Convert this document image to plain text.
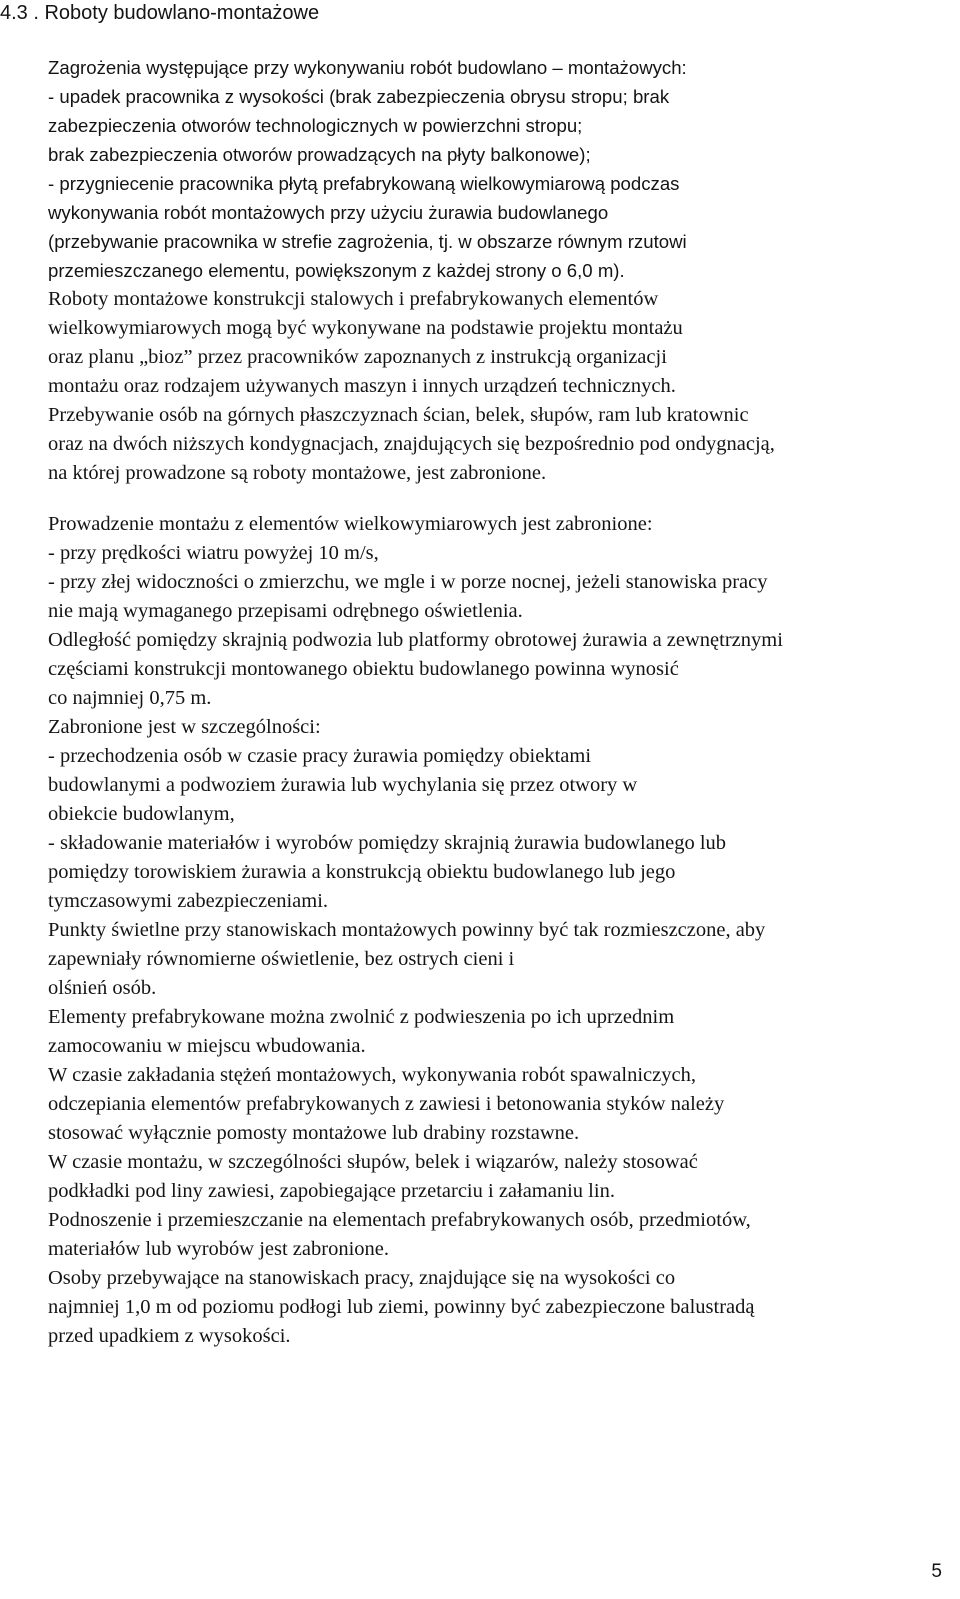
4.3 . Roboty budowlano-montażowe
Zagrożenia występujące przy wykonywaniu robót budowlano – montażowych:
- upadek pracownika z wysokości (brak zabezpieczenia obrysu stropu; brak
zabezpieczenia otworów technologicznych w powierzchni stropu;
brak zabezpieczenia otworów prowadzących na płyty balkonowe);
- przygniecenie pracownika płytą prefabrykowaną wielkowymiarową podczas
wykonywania robót montażowych przy użyciu żurawia budowlanego
(przebywanie pracownika w strefie zagrożenia, tj. w obszarze równym rzutowi
przemieszczanego elementu, powiększonym z każdej strony o 6,0 m).
Roboty montażowe konstrukcji stalowych i prefabrykowanych elementów
wielkowymiarowych mogą być wykonywane na podstawie projektu montażu
oraz planu „bioz” przez pracowników zapoznanych z instrukcją organizacji
montażu oraz rodzajem używanych maszyn i innych urządzeń technicznych.
Przebywanie osób na górnych płaszczyznach ścian, belek, słupów, ram lub kratownic
oraz na dwóch niższych kondygnacjach, znajdujących się bezpośrednio pod ondygnacją,
na której prowadzone są roboty montażowe, jest zabronione.
Prowadzenie montażu z elementów wielkowymiarowych jest zabronione:
- przy prędkości wiatru powyżej 10 m/s,
- przy złej widoczności o zmierzchu, we mgle i w porze nocnej, jeżeli stanowiska pracy
nie mają wymaganego przepisami odrębnego oświetlenia.
Odległość pomiędzy skrajnią podwozia lub platformy obrotowej żurawia a zewnętrznymi
częściami konstrukcji montowanego obiektu budowlanego powinna wynosić
co najmniej 0,75 m.
Zabronione jest w szczególności:
- przechodzenia osób w czasie pracy żurawia pomiędzy obiektami
budowlanymi a podwoziem żurawia lub wychylania się przez otwory w
obiekcie budowlanym,
- składowanie materiałów i wyrobów pomiędzy skrajnią żurawia budowlanego lub
pomiędzy torowiskiem żurawia a konstrukcją obiektu budowlanego lub jego
tymczasowymi zabezpieczeniami.
Punkty świetlne przy stanowiskach montażowych powinny być tak rozmieszczone, aby
zapewniały równomierne oświetlenie, bez ostrych cieni i
olśnień osób.
Elementy prefabrykowane można zwolnić z podwieszenia po ich uprzednim
zamocowaniu w miejscu wbudowania.
W czasie zakładania stężeń montażowych, wykonywania robót spawalniczych,
odczepiania elementów prefabrykowanych z zawiesi i betonowania styków należy
stosować wyłącznie pomosty montażowe lub drabiny rozstawne.
W czasie montażu, w szczególności słupów, belek i wiązarów, należy stosować
podkładki pod liny zawiesi, zapobiegające przetarciu i załamaniu lin.
Podnoszenie i przemieszczanie na elementach prefabrykowanych osób, przedmiotów,
materiałów lub wyrobów jest zabronione.
Osoby przebywające na stanowiskach pracy, znajdujące się na wysokości co
najmniej 1,0 m od poziomu podłogi lub ziemi, powinny być zabezpieczone balustradą
przed upadkiem z wysokości.
5
